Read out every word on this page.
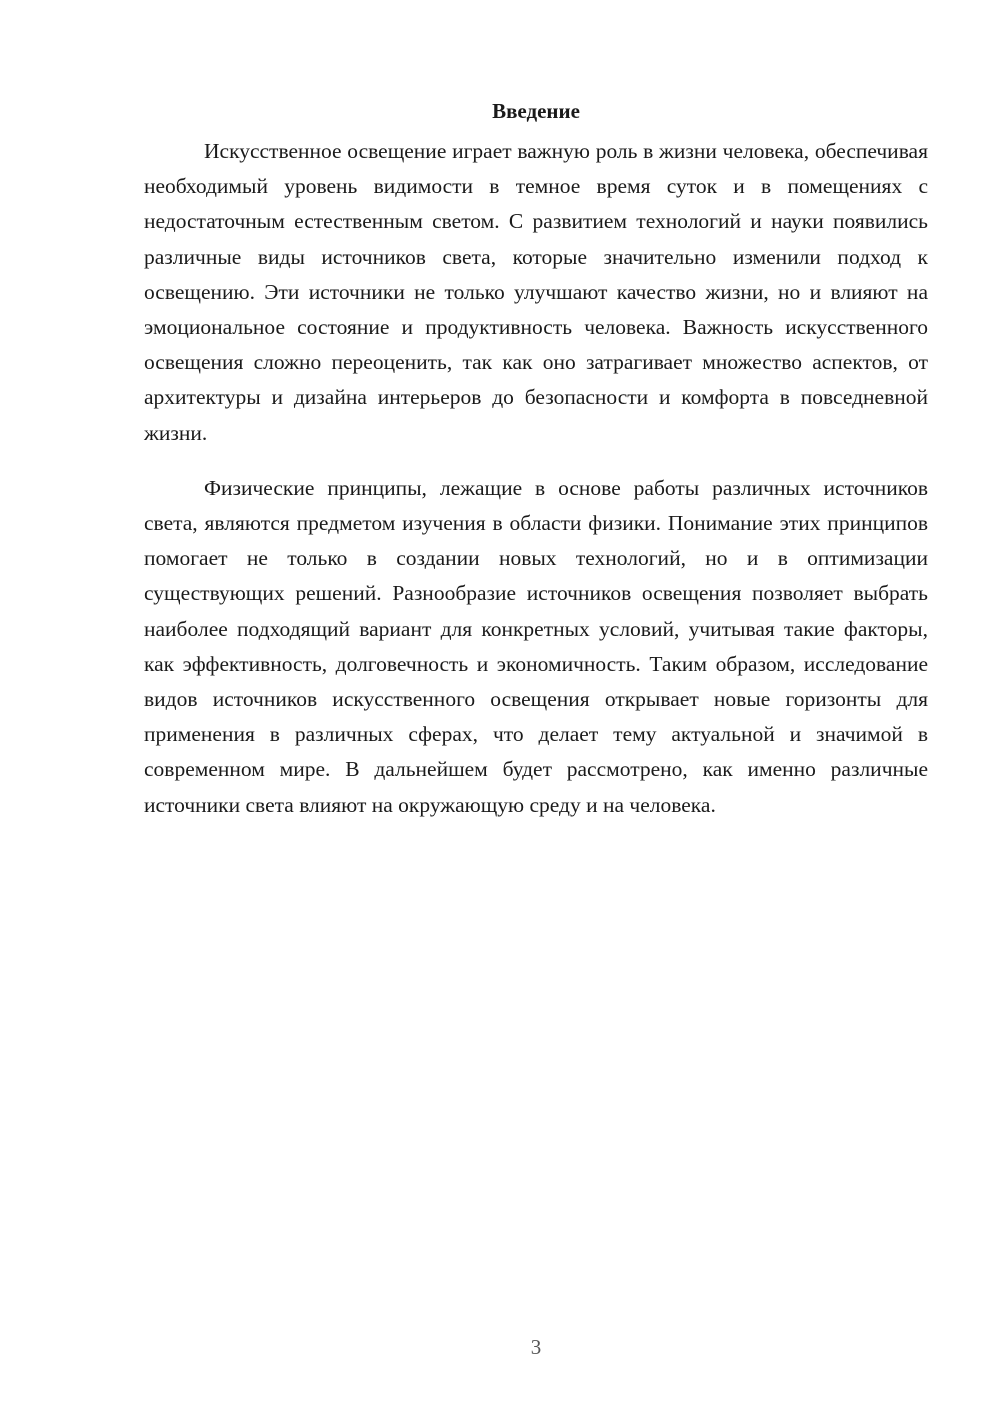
Введение

Искусственное освещение играет важную роль в жизни человека, обеспечивая необходимый уровень видимости в темное время суток и в помещениях с недостаточным естественным светом. С развитием технологий и науки появились различные виды источников света, которые значительно изменили подход к освещению. Эти источники не только улучшают качество жизни, но и влияют на эмоциональное состояние и продуктивность человека. Важность искусственного освещения сложно переоценить, так как оно затрагивает множество аспектов, от архитектуры и дизайна интерьеров до безопасности и комфорта в повседневной жизни.

Физические принципы, лежащие в основе работы различных источников света, являются предметом изучения в области физики. Понимание этих принципов помогает не только в создании новых технологий, но и в оптимизации существующих решений. Разнообразие источников освещения позволяет выбрать наиболее подходящий вариант для конкретных условий, учитывая такие факторы, как эффективность, долговечность и экономичность. Таким образом, исследование видов источников искусственного освещения открывает новые горизонты для применения в различных сферах, что делает тему актуальной и значимой в современном мире. В дальнейшем будет рассмотрено, как именно различные источники света влияют на окружающую среду и на человека.

3
